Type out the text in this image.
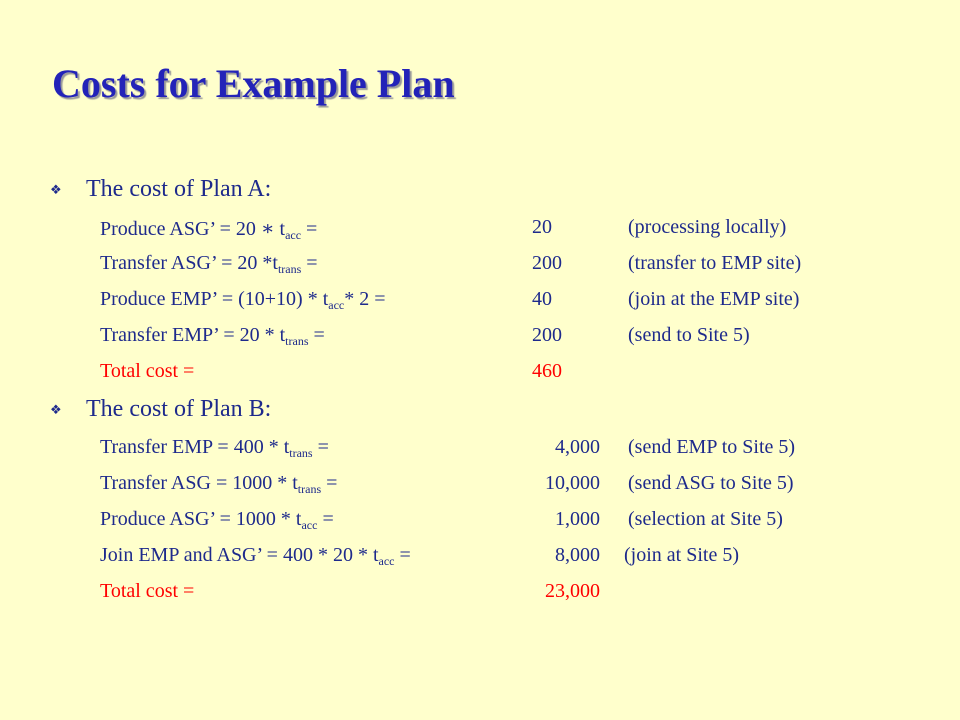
Costs for Example Plan
❖ The cost of Plan A:
Produce ASG’ = 20 ∗ $t_{acc}$ =	20	(processing locally)
Transfer ASG’ = 20 $*t_{trans}$ =	200	(transfer to EMP site)
Produce EMP’ = $(10+10) * t_{acc}*$ 2 =	40	(join at the EMP site)
Transfer EMP’ = $20 * t_{trans}$ =	200	(send to Site 5)
Total cost =	460
❖ The cost of Plan B:
Transfer EMP = $400 * t_{trans}$ =	4,000 (send EMP to Site 5)
Transfer ASG = $1000 * t_{trans}$ =	10,000 (send ASG to Site 5)
Produce ASG’ = $1000 * t_{acc}$ =	1,000 (selection at Site 5)
Join EMP and ASG’ = $400 * 20 * t_{acc}$ =	8,000 (join at Site 5)
Total cost =	23,000
